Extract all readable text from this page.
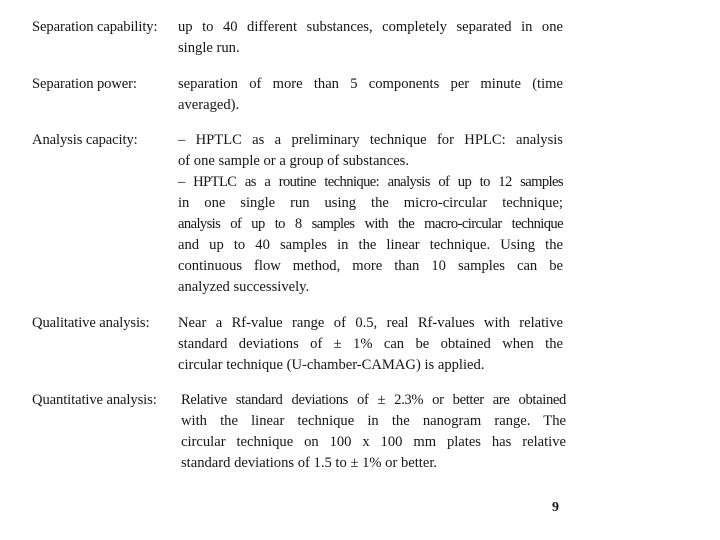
Separation capability: up to 40 different substances, completely separated in one
single run.
Separation power:	separation of more than 5 components per minute (time
averaged).
Analysis capacity:	– HPTLC as a preliminary technique for HPLC: analysis
of one sample or a group of substances.
– HPTLC as a routine technique: analysis of up to 12 samples
in one single run using the micro-circular technique;
analysis of up to 8 samples with the macro-circular technique
and up to 40 samples in the linear technique. Using the
continuous flow method, more than 10 samples can be
analyzed successively.
Qualitative analysis: Near a Rf-value range of 0.5, real Rf-values with relative
standard deviations of ± 1% can be obtained when the
circular technique (U-chamber-CAMAG) is applied.
Quantitative analysis: Relative standard deviations of ± 2.3% or better are obtained
with the linear technique in the nanogram range. The
circular technique on 100 x 100 mm plates has relative
standard deviations of 1.5 to ± 1% or better.
9
